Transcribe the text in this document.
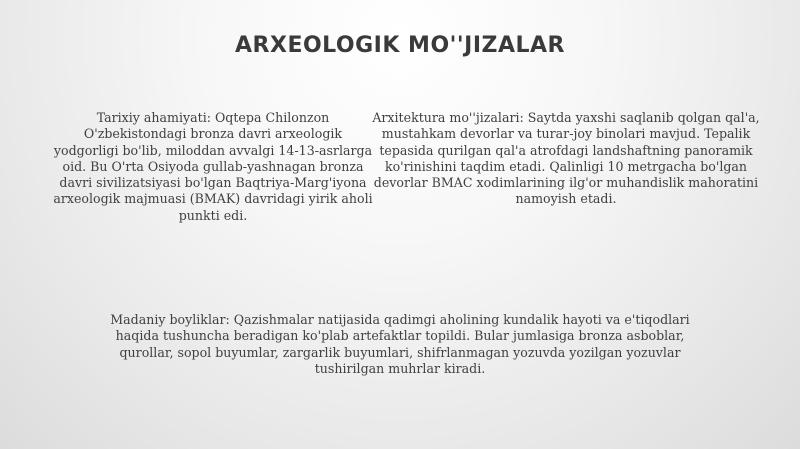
ARXEOLOGIK MO''JIZALAR
Tarixiy ahamiyati: Oqtepa Chilonzon O'zbekistondagi bronza davri arxeologik yodgorligi bo'lib, miloddan avvalgi 14-13-asrlarga oid. Bu O'rta Osiyoda gullab-yashnagan bronza davri sivilizatsiyasi bo'lgan Baqtriya-Marg'iyona arxeologik majmuasi (BMAK) davridagi yirik aholi punkti edi.
Arxitektura mo''jizalari: Saytda yaxshi saqlanib qolgan qal'a, mustahkam devorlar va turar-joy binolari mavjud. Tepalik tepasida qurilgan qal'a atrofdagi landshaftning panoramik ko'rinishini taqdim etadi. Qalinligi 10 metrgacha bo'lgan devorlar BMAC xodimlarining ilg'or muhandislik mahoratini namoyish etadi.
Madaniy boyliklar: Qazishmalar natijasida qadimgi aholining kundalik hayoti va e'tiqodlari haqida tushuncha beradigan ko'plab artefaktlar topildi. Bular jumlasiga bronza asboblar, qurollar, sopol buyumlar, zargarlik buyumlari, shifrlanmagan yozuvda yozilgan yozuvlar tushirilgan muhrlar kiradi.
